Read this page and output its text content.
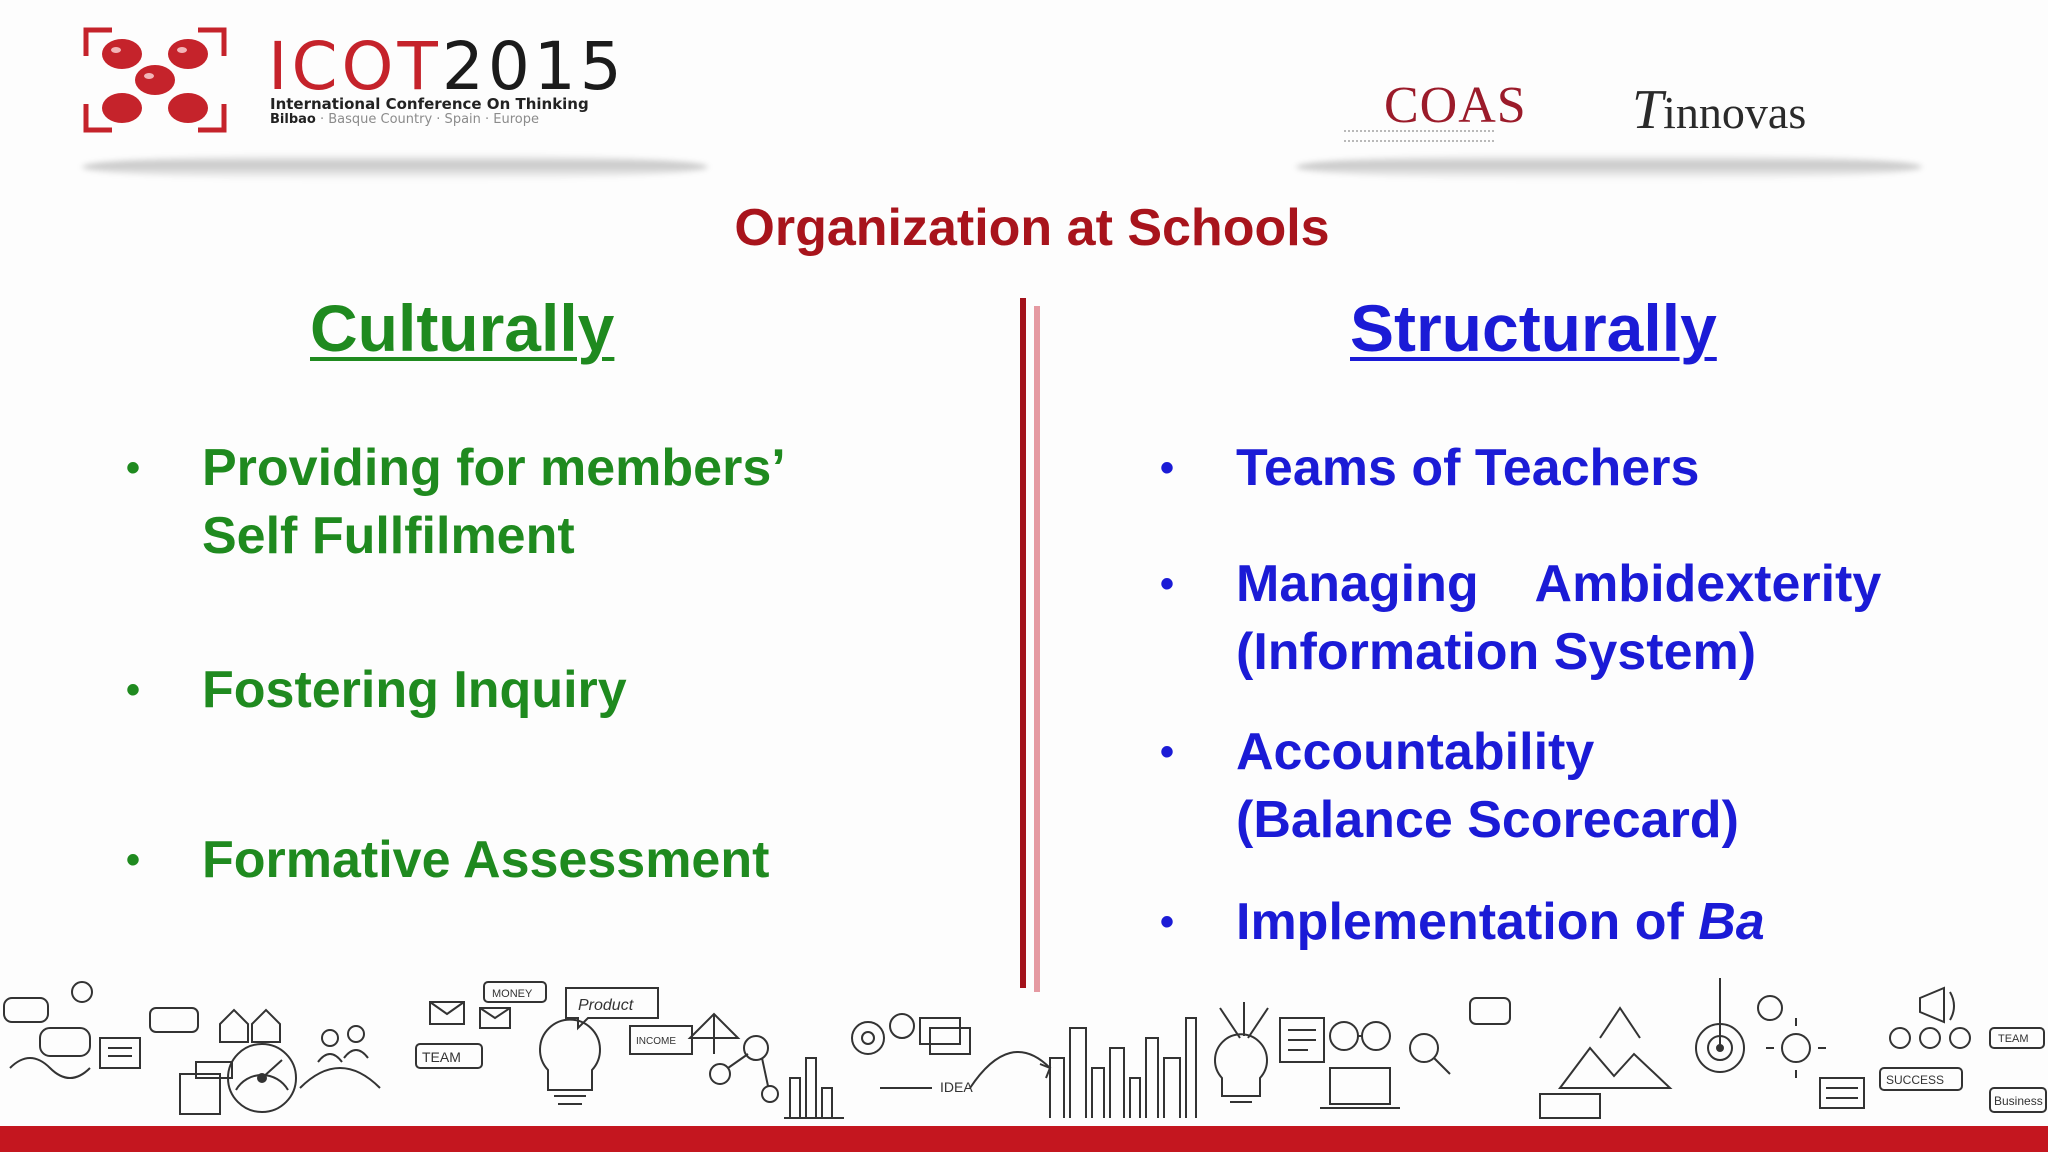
ICOT2015
International Conference On Thinking
Bilbao · Basque Country · Spain · Europe	COAS Tinnovas
Organization at Schools
Culturally	Structurally
• Providing for members’
Self Fullfilment
• Fostering Inquiry
• Formative Assessment
• Teams of Teachers
• Managing    Ambidexterity
(Information System)
• Accountability
(Balance Scorecard)
• Implementation of Ba
TEAM
MONEY
Product
INCOME
IDEA	SUCCESS
Business
TEAM
